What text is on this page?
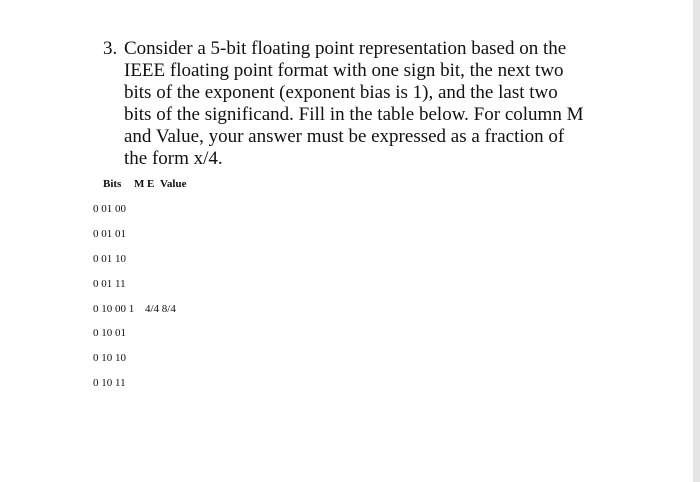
3. Consider a 5-bit floating point representation based on the
IEEE floating point format with one sign bit, the next two
bits of the exponent (exponent bias is 1), and the last two
bits of the significand. Fill in the table below. For column M
and Value, your answer must be expressed as a fraction of
the form x/4.
Bits M E Value
0 01 00
0 01 01
0 01 10
0 01 11
0 10 00 1 4/4 8/4
0 10 01
0 10 10
0 10 11
